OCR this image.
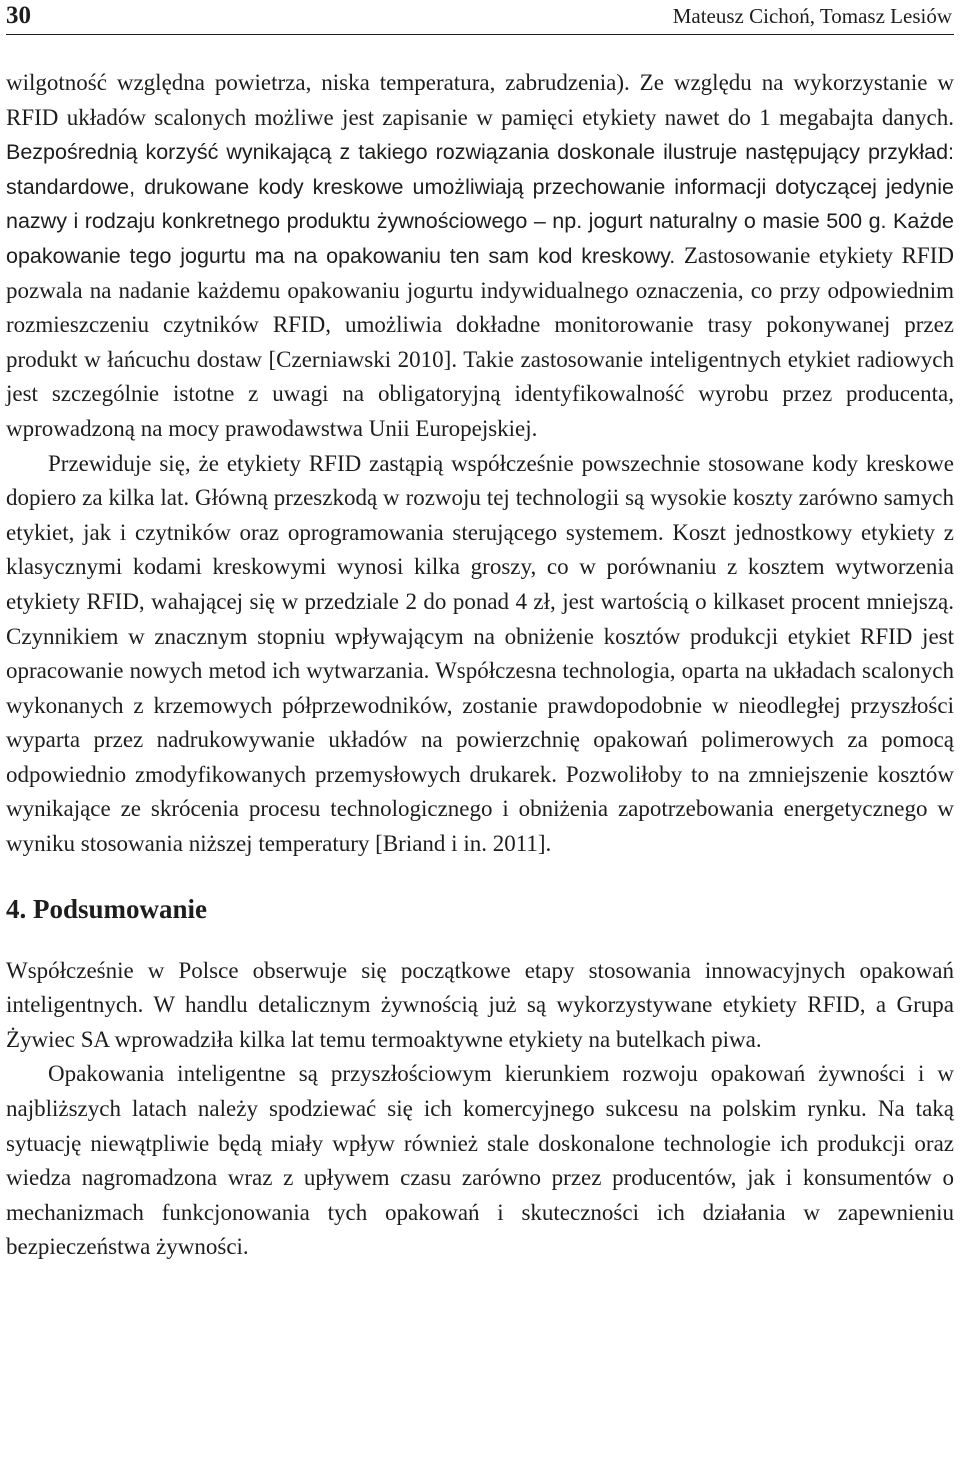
30	Mateusz Cichoń, Tomasz Lesiów

wilgotność względna powietrza, niska temperatura, zabrudzenia). Ze względu na wykorzystanie w RFID układów scalonych możliwe jest zapisanie w pamięci etykiety nawet do 1 megabajta danych. Bezpośrednią korzyść wynikającą z takiego rozwiązania doskonale ilustruje następujący przykład: standardowe, drukowane kody kreskowe umożliwiają przechowanie informacji dotyczącej jedynie nazwy i rodzaju konkretnego produktu żywnościowego – np. jogurt naturalny o masie 500 g. Każde opakowanie tego jogurtu ma na opakowaniu ten sam kod kreskowy. Zastosowanie etykiety RFID pozwala na nadanie każdemu opakowaniu jogurtu indywidualnego oznaczenia, co przy odpowiednim rozmieszczeniu czytników RFID, umożliwia dokładne monitorowanie trasy pokonywanej przez produkt w łańcuchu dostaw [Czerniawski 2010]. Takie zastosowanie inteligentnych etykiet radiowych jest szczególnie istotne z uwagi na obligatoryjną identyfikowalność wyrobu przez producenta, wprowadzoną na mocy prawodawstwa Unii Europejskiej.

Przewiduje się, że etykiety RFID zastąpią współcześnie powszechnie stosowane kody kreskowe dopiero za kilka lat. Główną przeszkodą w rozwoju tej technologii są wysokie koszty zarówno samych etykiet, jak i czytników oraz oprogramowania sterującego systemem. Koszt jednostkowy etykiety z klasycznymi kodami kreskowymi wynosi kilka groszy, co w porównaniu z kosztem wytworzenia etykiety RFID, wahającej się w przedziale 2 do ponad 4 zł, jest wartością o kilkaset procent mniejszą. Czynnikiem w znacznym stopniu wpływającym na obniżenie kosztów produkcji etykiet RFID jest opracowanie nowych metod ich wytwarzania. Współczesna technologia, oparta na układach scalonych wykonanych z krzemowych półprzewodników, zostanie prawdopodobnie w nieodległej przyszłości wyparta przez nadrukowywanie układów na powierzchnię opakowań polimerowych za pomocą odpowiednio zmodyfikowanych przemysłowych drukarek. Pozwoliłoby to na zmniejszenie kosztów wynikające ze skrócenia procesu technologicznego i obniżenia zapotrzebowania energetycznego w wyniku stosowania niższej temperatury [Briand i in. 2011].

4. Podsumowanie

Współcześnie w Polsce obserwuje się początkowe etapy stosowania innowacyjnych opakowań inteligentnych. W handlu detalicznym żywnością już są wykorzystywane etykiety RFID, a Grupa Żywiec SA wprowadziła kilka lat temu termoaktywne etykiety na butelkach piwa.

Opakowania inteligentne są przyszłościowym kierunkiem rozwoju opakowań żywności i w najbliższych latach należy spodziewać się ich komercyjnego sukcesu na polskim rynku. Na taką sytuację niewątpliwie będą miały wpływ również stale doskonalone technologie ich produkcji oraz wiedza nagromadzona wraz z upływem czasu zarówno przez producentów, jak i konsumentów o mechanizmach funkcjonowania tych opakowań i skuteczności ich działania w zapewnieniu bezpieczeństwa żywności.
